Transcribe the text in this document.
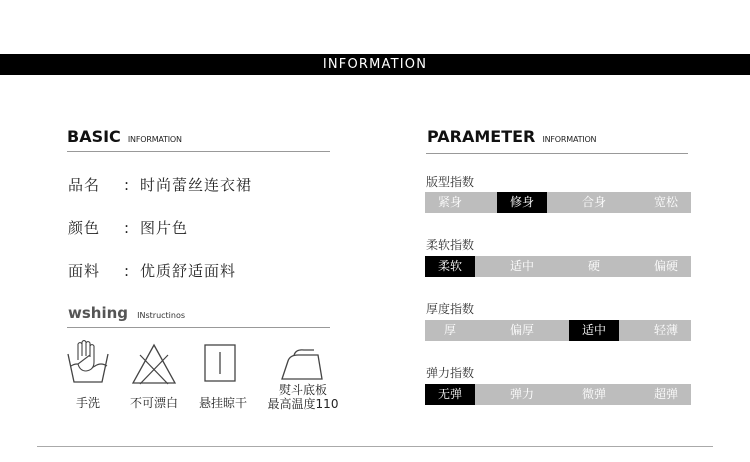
INFORMATION
BASIC INFORMATION
品名 : 时尚蕾丝连衣裙
颜色 : 图片色
面料 : 优质舒适面料
wshing INstructinos
手洗	不可漂白	悬挂晾干
熨斗底板
最高温度110
PARAMETER INFORMATION
版型指数
紧身	修身	合身	宽松
柔软指数
柔软	适中	硬	偏硬
厚度指数
厚	偏厚	适中	轻薄
弹力指数
无弹	弹力	微弹	超弹
